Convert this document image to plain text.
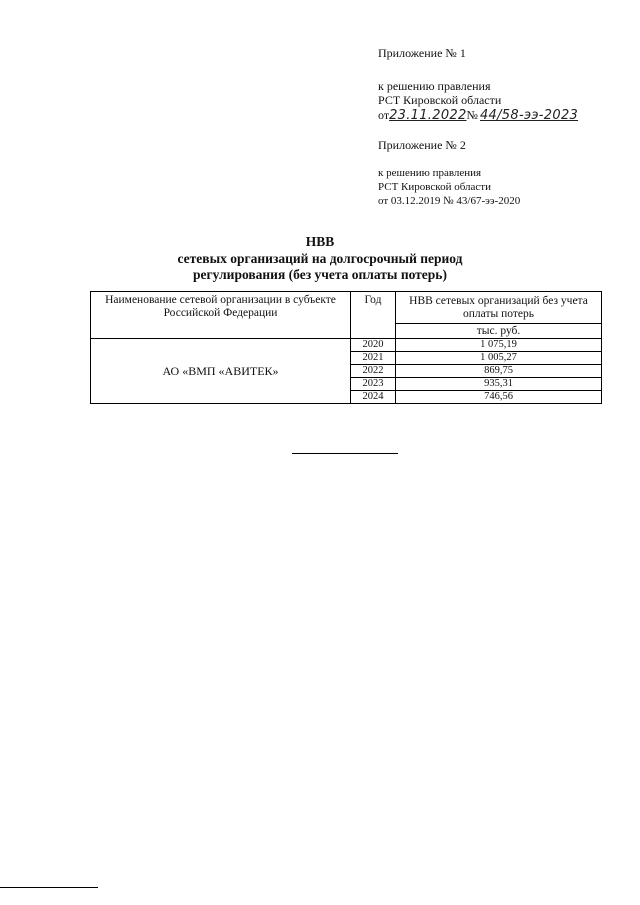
Приложение № 1
к решению правления
РСТ Кировской области
от23.11.2022№ 44/58-ээ-2023
Приложение № 2
к решению правления
РСТ Кировской области
от 03.12.2019 № 43/67-ээ-2020
НВВ
сетевых организаций на долгосрочный период
регулирования (без учета оплаты потерь)
Наименование сетевой организации в субъекте Российской Федерации	Год	НВВ сетевых организаций без учета оплаты потерь
		тыс. руб.
АО «ВМП «АВИТЕК»	2020	1 075,19
	2021	1 005,27
	2022	869,75
	2023	935,31
	2024	746,56
